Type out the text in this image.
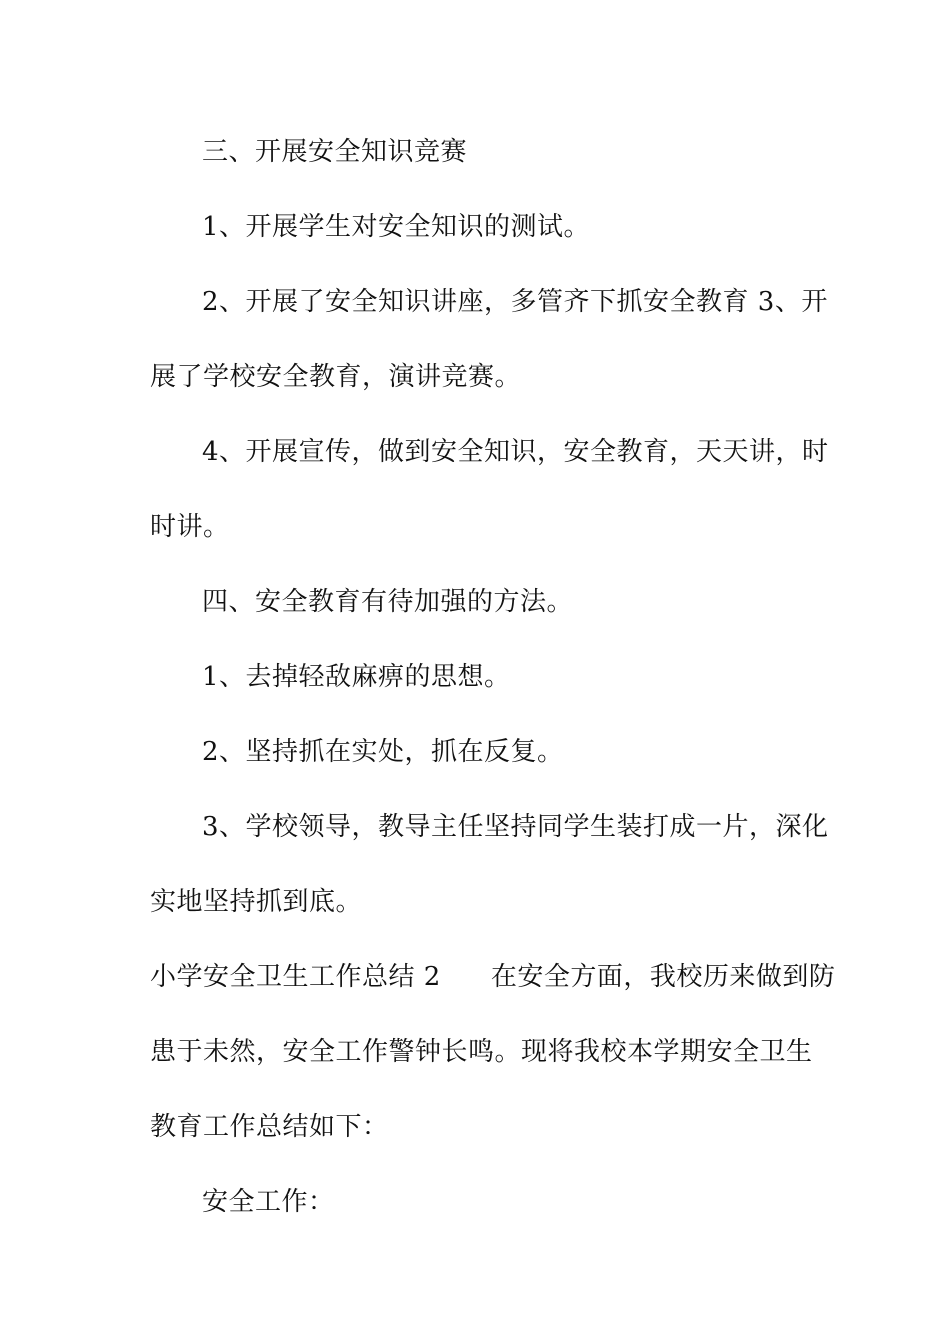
三、开展安全知识竞赛
1、开展学生对安全知识的测试。
2、开展了安全知识讲座，多管齐下抓安全教育 3、开
展了学校安全教育，演讲竞赛。
4、开展宣传，做到安全知识，安全教育，天天讲，时
时讲。
四、安全教育有待加强的方法。
1、去掉轻敌麻痹的思想。
2、坚持抓在实处，抓在反复。
3、学校领导，教导主任坚持同学生装打成一片，深化
实地坚持抓到底。
小学安全卫生工作总结 2 在安全方面，我校历来做到防
患于未然，安全工作警钟长鸣。现将我校本学期安全卫生
教育工作总结如下：
安全工作：
